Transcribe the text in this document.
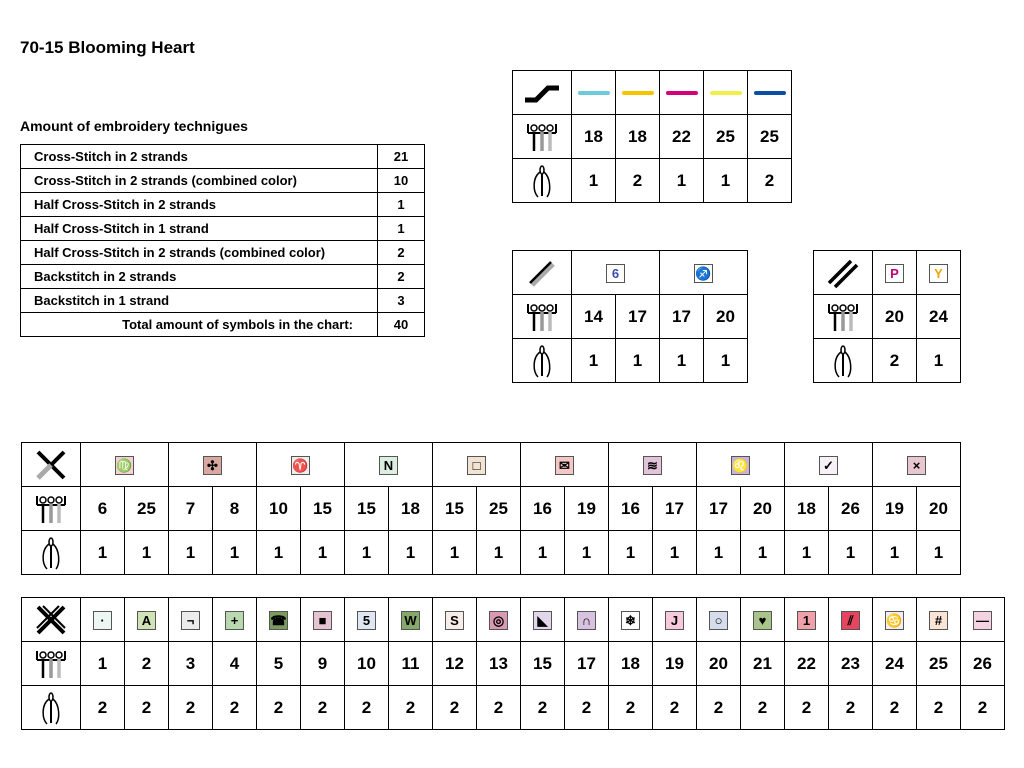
70-15 Blooming Heart
Amount of embroidery technigues
Cross-Stitch in 2 strands	21
Cross-Stitch in 2 strands (combined color)	10
Half Cross-Stitch in 2 strands	1
Half Cross-Stitch in 1 strand	1
Half Cross-Stitch in 2 strands (combined color)	2
Backstitch in 2 strands	2
Backstitch in 1 strand	3
Total amount of symbols in the chart:	40

	18	18	22	25	25

	1	2	1	1	2
	6		♐	

	14	17	17	20

	1	1	1	1
	P	Y

	20	24

	2	1
	♍		✣		♈		N		□		✉		≋		♌		✓		×	

	6	25	7	8	10	15	15	18	15	25	16	19	16	17	17	20	18	26	19	20

	1	1	1	1	1	1	1	1	1	1	1	1	1	1	1	1	1	1	1	1
	·	A	¬	+	☎	■	5	W	S	◎	◣	∩	❄	J	○	♥	1	⫽	♋	#	—

	1	2	3	4	5	9	10	11	12	13	15	17	18	19	20	21	22	23	24	25	26

	2	2	2	2	2	2	2	2	2	2	2	2	2	2	2	2	2	2	2	2	2
